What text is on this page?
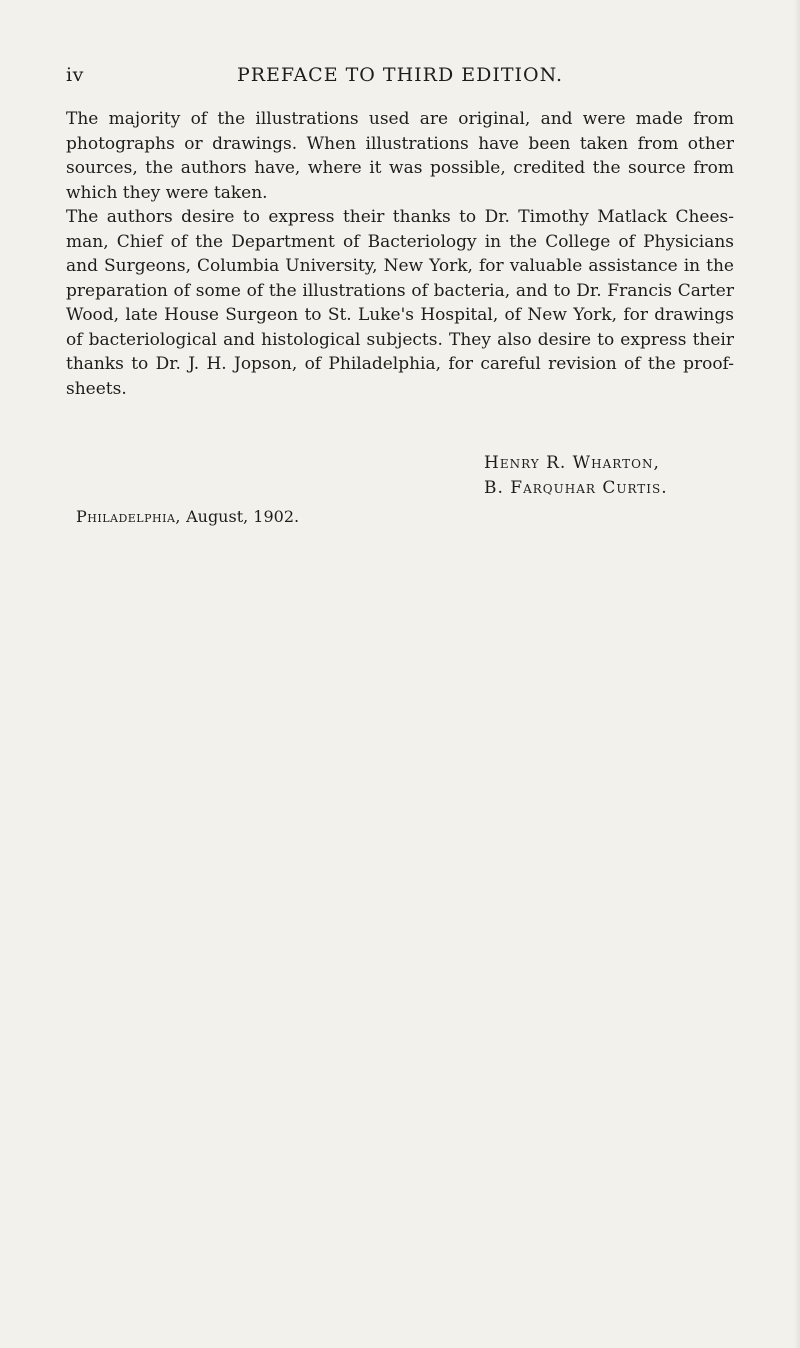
iv	PREFACE TO THIRD EDITION.

The majority of the illustrations used are original, and were made from photographs or drawings. When illustrations have been taken from other sources, the authors have, where it was possible, credited the source from which they were taken.

The authors desire to express their thanks to Dr. Timothy Matlack Chees- man, Chief of the Department of Bacteriology in the College of Physicians and Surgeons, Columbia University, New York, for valuable assistance in the preparation of some of the illustrations of bacteria, and to Dr. Francis Carter Wood, late House Surgeon to St. Luke's Hospital, of New York, for drawings of bacteriological and histological subjects. They also desire to express their thanks to Dr. J. H. Jopson, of Philadelphia, for careful revision of the proof-sheets.

Henry R. Wharton,
B. Farquhar Curtis.
Philadelphia, August, 1902.
